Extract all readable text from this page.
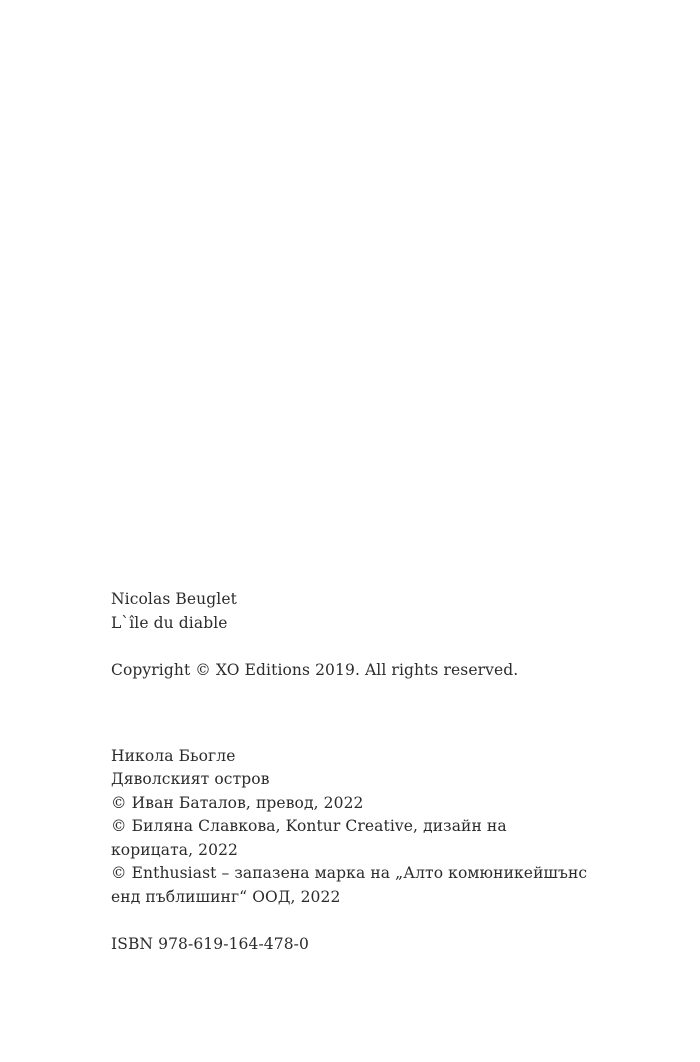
Nicolas Beuglet
L`île du diable
Copyright © XO Editions 2019. All rights reserved.
Никола Бьогле
Дяволският остров
© Иван Баталов, превод, 2022
© Биляна Славкова, Kontur Creative, дизайн на
корицата, 2022
© Enthusiast – запазена марка на „Алто комюникейшънс
енд пъблишинг“ ООД, 2022
ISBN 978-619-164-478-0
